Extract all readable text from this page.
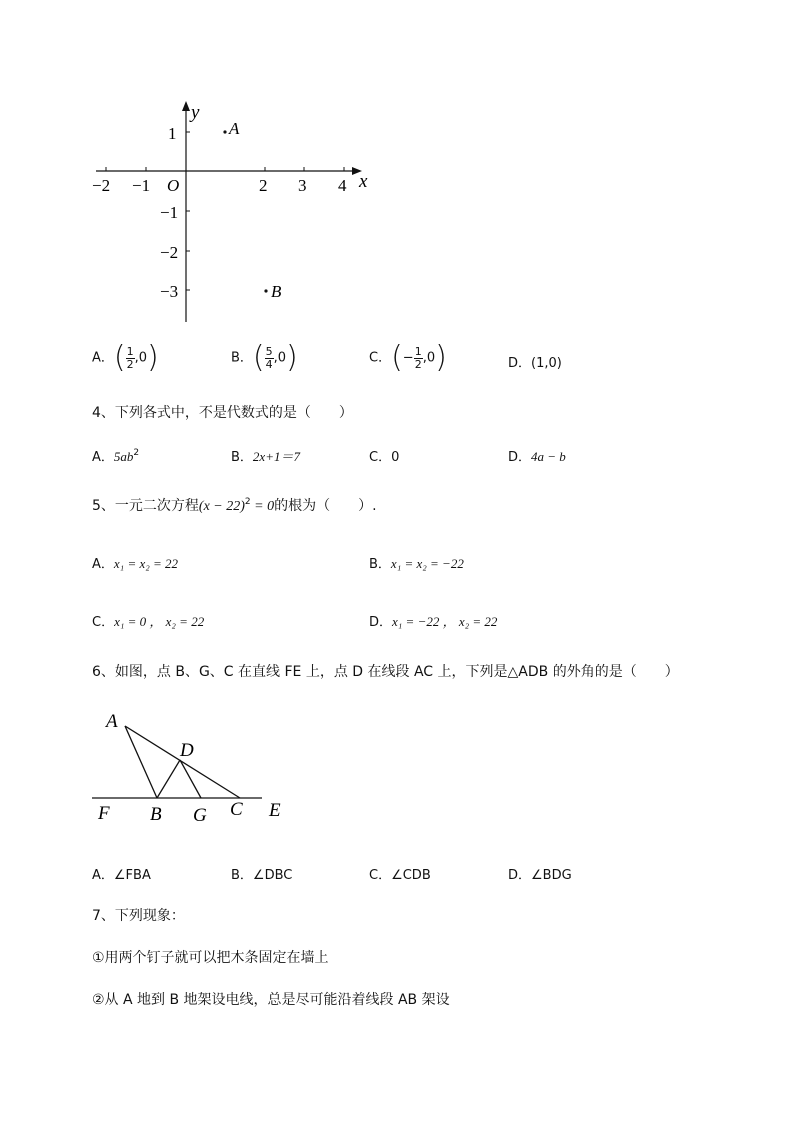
−2 −1 O	2 3 4 x
y
1
−1
−2
−3
A
B
A．( $\frac{1}{2} ,0$)	B．( $\frac{5}{4} ,0$)	C．(− $\frac{1}{2} ,0$)	D．(1,0)
4、下列各式中，不是代数式的是（　　）
A．$5ab^2$	B．2x+1＝7	C．0	D．4a − b
5、一元二次方程$(x - 22)^2 = 0$的根为（　　）.
A．x₁ = x₂ = 22	B．x₁ = x₂ = −22
C．x₁ = 0 ， x₂ = 22	D．x₁ = −22 ， x₂ = 22
6、如图，点 B、G、C 在直线 FE 上，点 D 在线段 AC 上，下列是△ADB 的外角的是（　　）
A
D
F B G C E
A．∠FBA	B．∠DBC	C．∠CDB	D．∠BDG
7、下列现象：
①用两个钉子就可以把木条固定在墙上
②从 A 地到 B 地架设电线，总是尽可能沿着线段 AB 架设
